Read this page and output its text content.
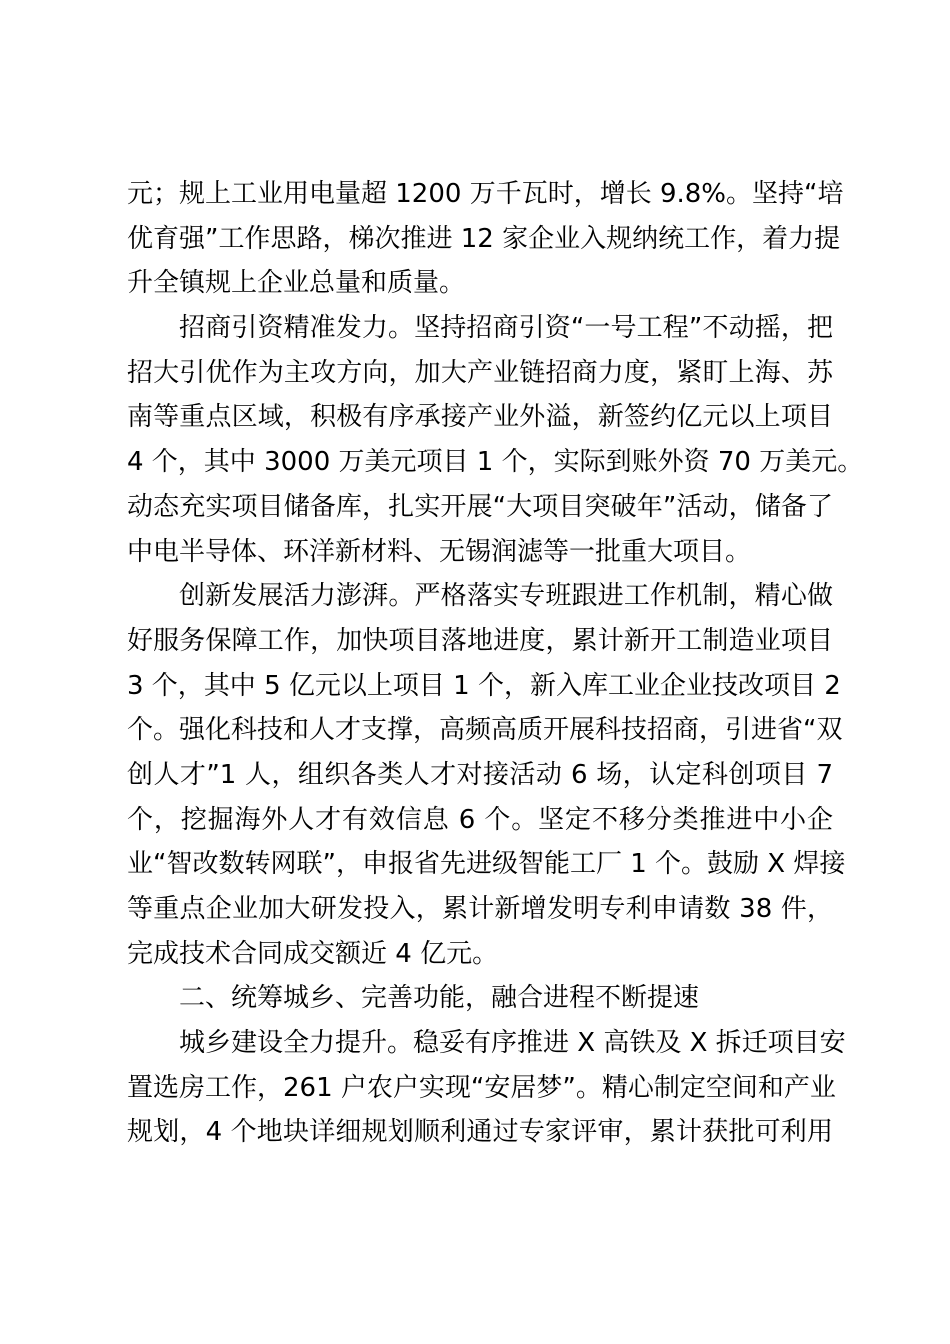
元；规上工业用电量超 1200 万千瓦时，增长 9.8%。坚持“培
优育强”工作思路，梯次推进 12 家企业入规纳统工作，着力提
升全镇规上企业总量和质量。
招商引资精准发力。坚持招商引资“一号工程”不动摇，把
招大引优作为主攻方向，加大产业链招商力度，紧盯上海、苏
南等重点区域，积极有序承接产业外溢，新签约亿元以上项目
4 个，其中 3000 万美元项目 1 个，实际到账外资 70 万美元。
动态充实项目储备库，扎实开展“大项目突破年”活动，储备了
中电半导体、环洋新材料、无锡润滤等一批重大项目。
创新发展活力澎湃。严格落实专班跟进工作机制，精心做
好服务保障工作，加快项目落地进度，累计新开工制造业项目
3 个，其中 5 亿元以上项目 1 个，新入库工业企业技改项目 2
个。强化科技和人才支撑，高频高质开展科技招商，引进省“双
创人才”1 人，组织各类人才对接活动 6 场，认定科创项目 7
个，挖掘海外人才有效信息 6 个。坚定不移分类推进中小企
业“智改数转网联”，申报省先进级智能工厂 1 个。鼓励 X 焊接
等重点企业加大研发投入，累计新增发明专利申请数 38 件，
完成技术合同成交额近 4 亿元。
二、统筹城乡、完善功能，融合进程不断提速
城乡建设全力提升。稳妥有序推进 X 高铁及 X 拆迁项目安
置选房工作，261 户农户实现“安居梦”。精心制定空间和产业
规划，4 个地块详细规划顺利通过专家评审，累计获批可利用
